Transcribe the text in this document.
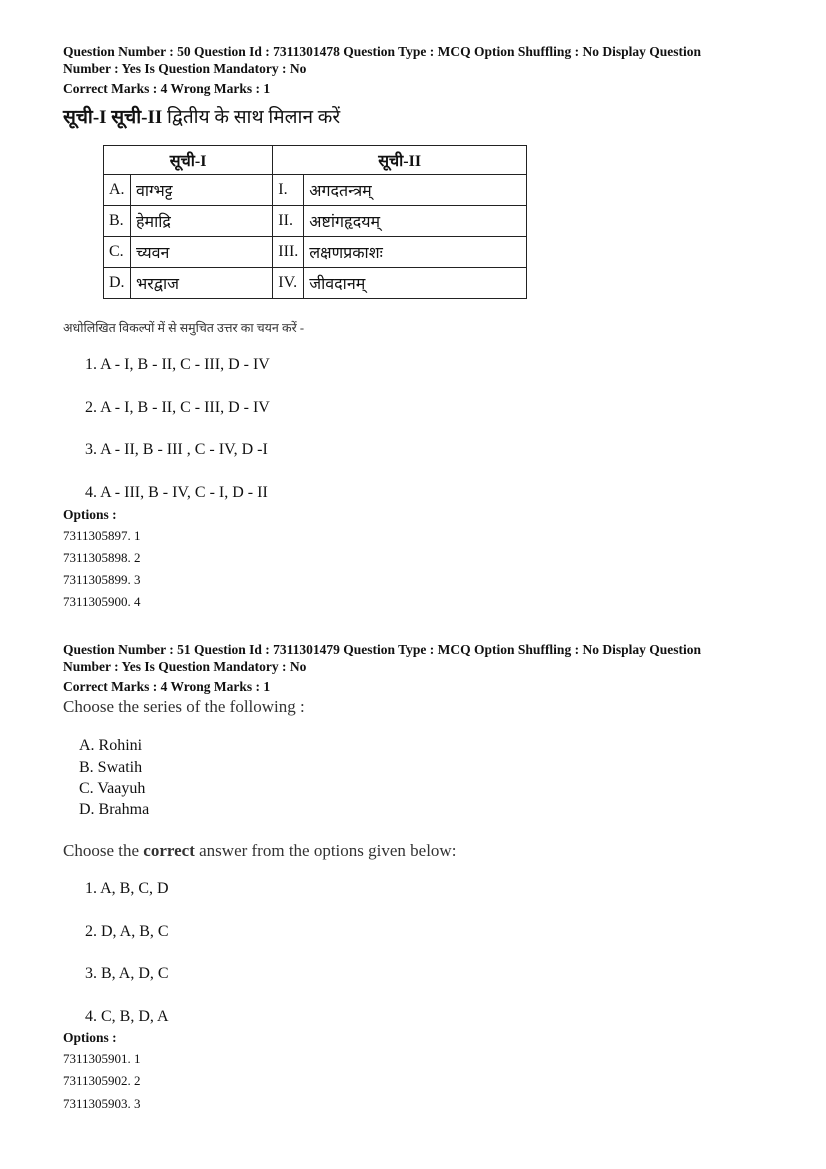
Question Number : 50 Question Id : 7311301478 Question Type : MCQ Option Shuffling : No Display Question
Number : Yes Is Question Mandatory : No
Correct Marks : 4 Wrong Marks : 1
सूची-I सूची-II द्वितीय के साथ मिलान करें
सूची-I		सूची-II	
A.	वाग्भट्ट	I.	अगदतन्त्रम्
B.	हेमाद्रि	II.	अष्टांगहृदयम्
C.	च्यवन	III.	लक्षणप्रकाशः
D.	भरद्वाज	IV.	जीवदानम्
अधोलिखित विकल्पों में से समुचित उत्तर का चयन करें -
1. A - I, B - II, C - III, D - IV
2. A - I, B - II, C - III, D - IV
3. A - II, B - III , C - IV, D -I
4. A - III, B - IV, C - I, D - II
Options :
7311305897. 1
7311305898. 2
7311305899. 3
7311305900. 4
Question Number : 51 Question Id : 7311301479 Question Type : MCQ Option Shuffling : No Display Question
Number : Yes Is Question Mandatory : No
Correct Marks : 4 Wrong Marks : 1
Choose the series of the following :
A. Rohini
B. Swatih
C. Vaayuh
D. Brahma
Choose the correct answer from the options given below:
1. A, B, C, D
2. D, A, B, C
3. B, A, D, C
4. C, B, D, A
Options :
7311305901. 1
7311305902. 2
7311305903. 3
